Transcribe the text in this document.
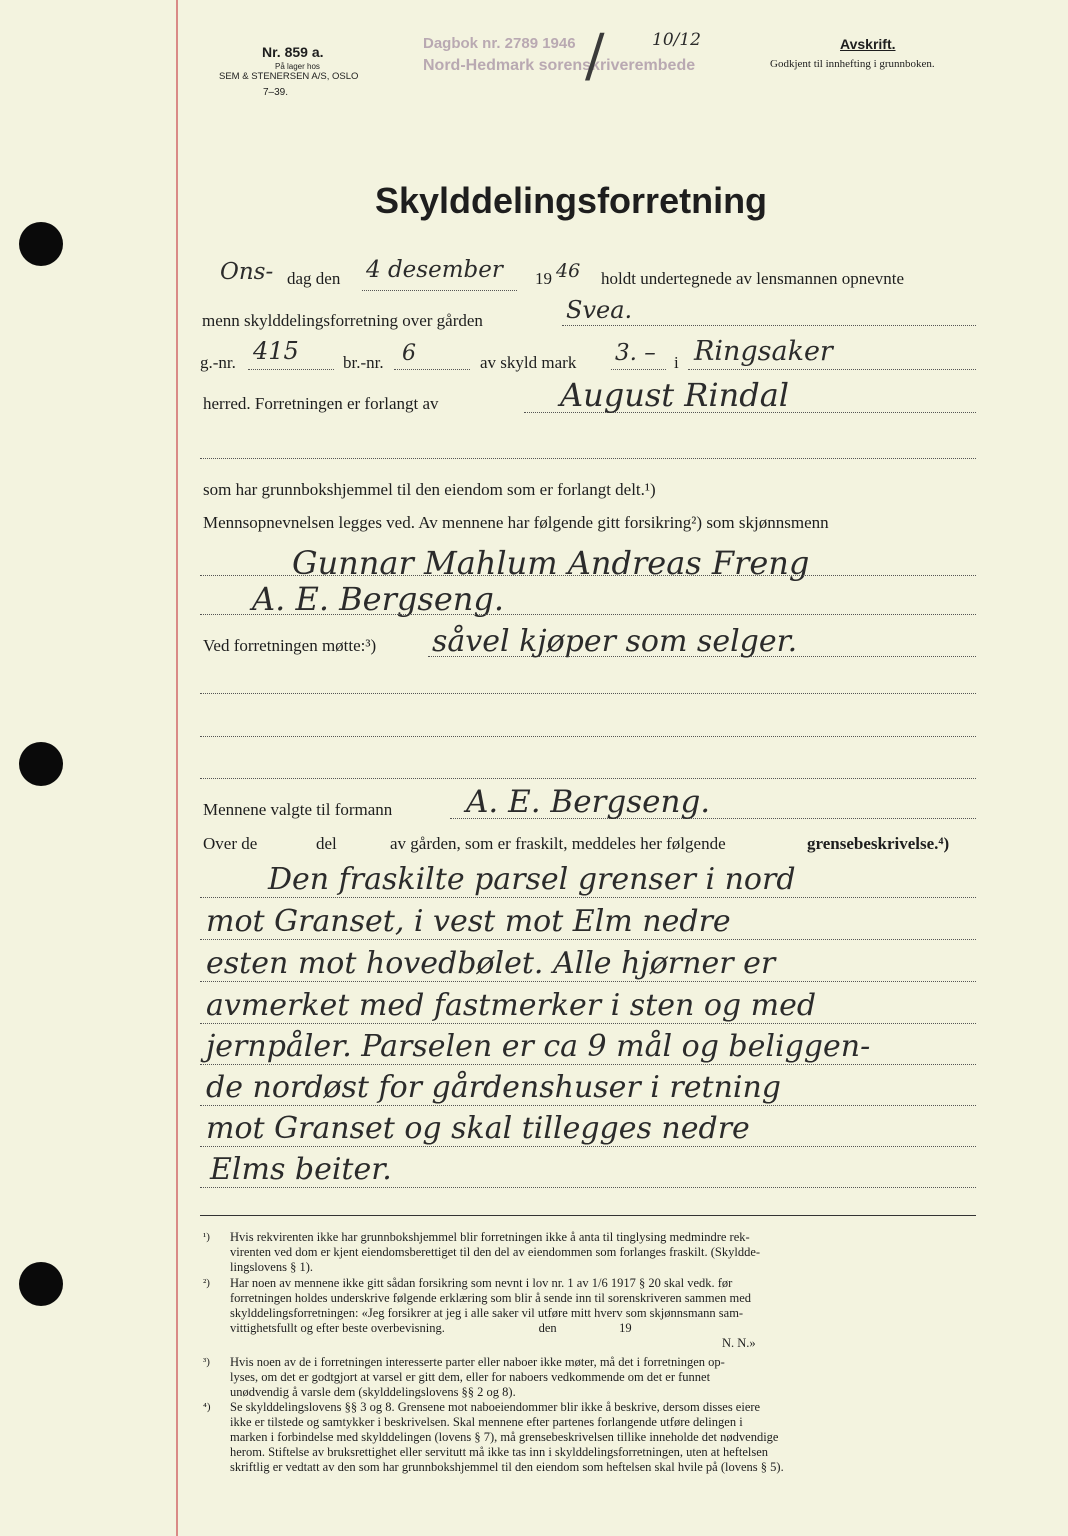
Nr. 859 a.
På lager hos
SEM & STENERSEN A/S, OSLO
7–39.
Dagbok nr. 2789 1946	10/12
Nord-Hedmark sorenskriverembede
/	Avskrift.
Godkjent til innhefting i grunnboken.
Skylddelingsforretning
Ons- dag den 4 desember 19 46 holdt undertegnede av lensmannen opnevnte
menn skylddelingsforretning over gården	Svea.
g.-nr. 415	br.-nr. 6	av skyld mark 3. – i Ringsaker
herred. Forretningen er forlangt av	August Rindal
som har grunnbokshjemmel til den eiendom som er forlangt delt.¹)
Mennsopnevnelsen legges ved. Av mennene har følgende gitt forsikring²) som skjønnsmenn
Gunnar Mahlum Andreas Freng
A. E. Bergseng.
Ved forretningen møtte:³) såvel kjøper som selger.
Mennene valgte til formann A. E. Bergseng.
Over de	del	av gården, som er fraskilt, meddeles her følgende	grensebeskrivelse.⁴)
Den fraskilte parsel grenser i nord
mot Granset, i vest mot Elm nedre
esten mot hovedbølet. Alle hjørner er
avmerket med fastmerker i sten og med
jernpåler. Parselen er ca 9 mål og beliggen-
de nordøst for gårdenshuser i retning
mot Granset og skal tillegges nedre
Elms beiter.
¹) Hvis rekvirenten ikke har grunnbokshjemmel blir forretningen ikke å anta til tinglysing medmindre rek-
virenten ved dom er kjent eiendomsberettiget til den del av eiendommen som forlanges fraskilt. (Skyldde-
lingslovens § 1).
²) Har noen av mennene ikke gitt sådan forsikring som nevnt i lov nr. 1 av 1/6 1917 § 20 skal vedk. før
forretningen holdes underskrive følgende erklæring som blir å sende inn til sorenskriveren sammen med
skylddelingsforretningen: «Jeg forsikrer at jeg i alle saker vil utføre mitt hverv som skjønnsmann sam-
vittighetsfullt og efter beste overbevisning.                              den                    19
N. N.»
³) Hvis noen av de i forretningen interesserte parter eller naboer ikke møter, må det i forretningen op-
lyses, om det er godtgjort at varsel er gitt dem, eller for naboers vedkommende om det er funnet
unødvendig å varsle dem (skylddelingslovens §§ 2 og 8).
⁴) Se skylddelingslovens §§ 3 og 8. Grensene mot naboeiendommer blir ikke å beskrive, dersom disses eiere
ikke er tilstede og samtykker i beskrivelsen. Skal mennene efter partenes forlangende utføre delingen i
marken i forbindelse med skylddelingen (lovens § 7), må grensebeskrivelsen tillike inneholde det nødvendige
herom. Stiftelse av bruksrettighet eller servitutt må ikke tas inn i skylddelingsforretningen, uten at heftelsen
skriftlig er vedtatt av den som har grunnbokshjemmel til den eiendom som heftelsen skal hvile på (lovens § 5).
